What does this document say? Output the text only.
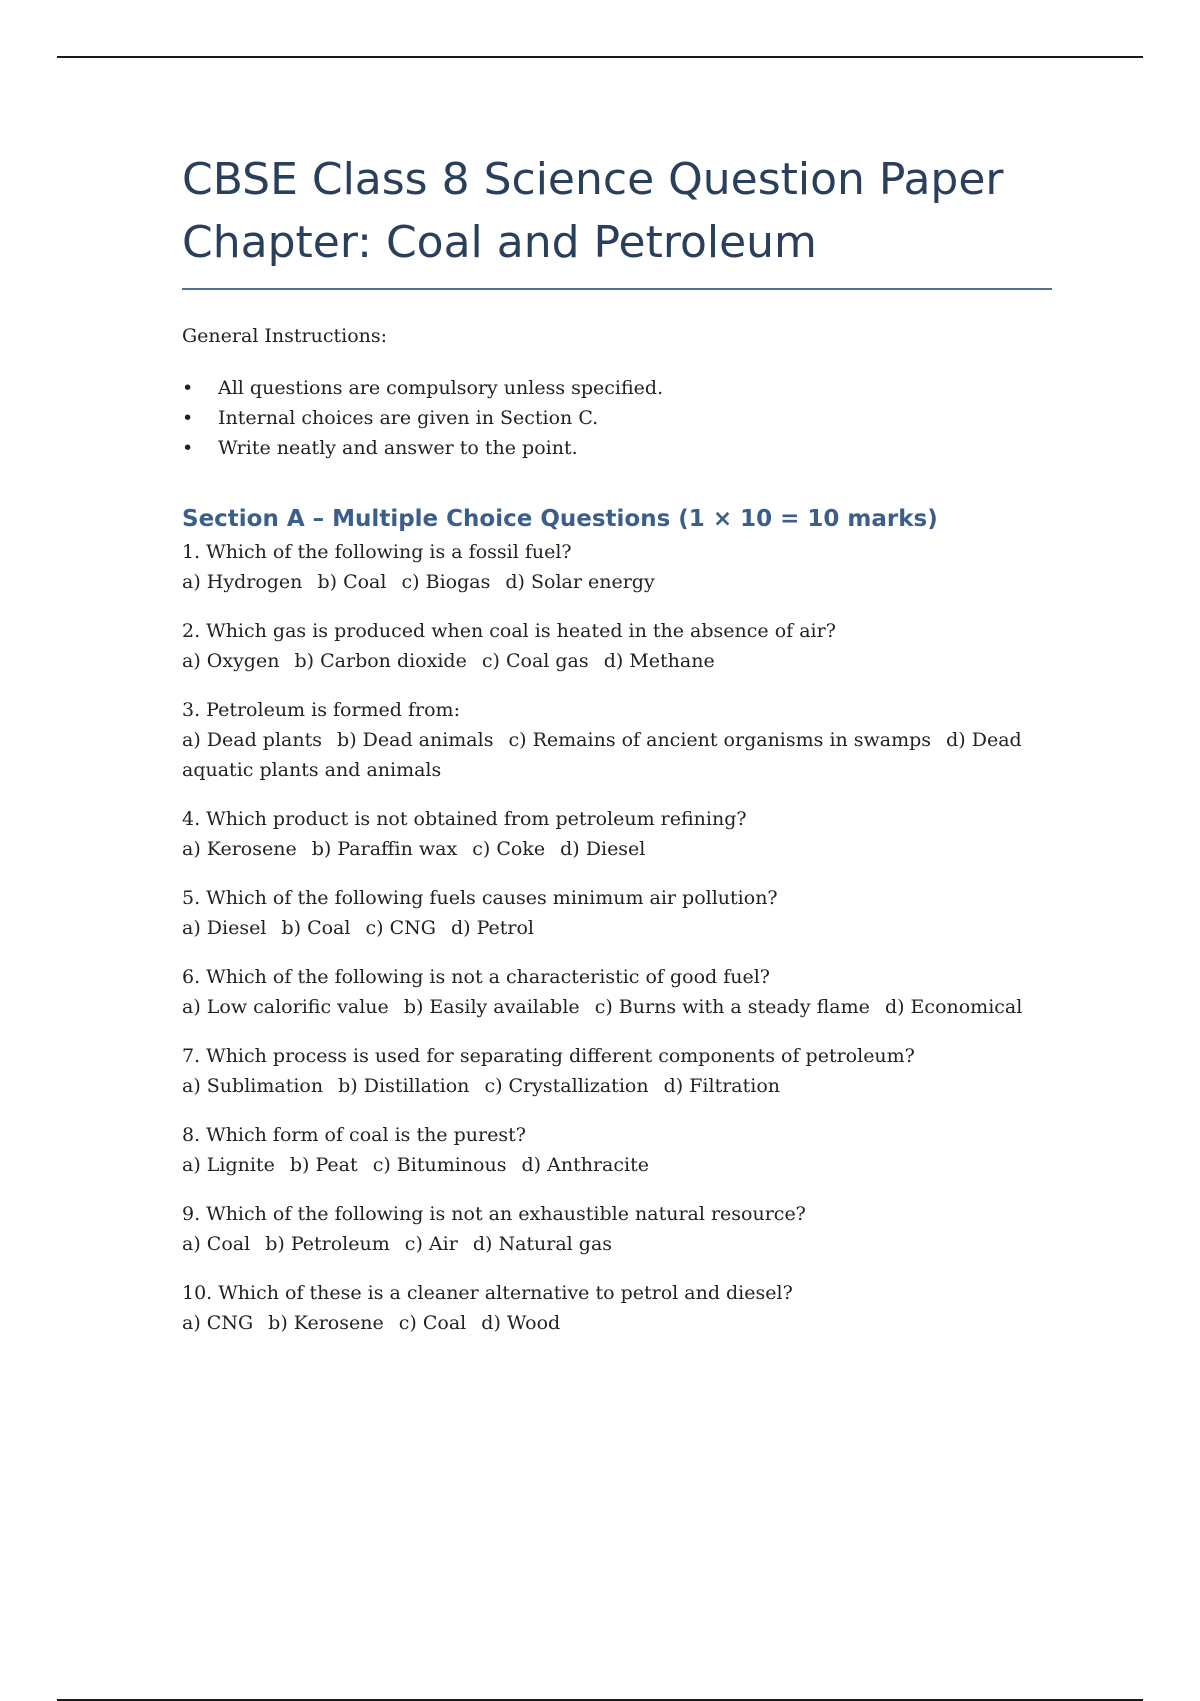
CBSE Class 8 Science Question Paper
Chapter: Coal and Petroleum

General Instructions:

• All questions are compulsory unless specified.
• Internal choices are given in Section C.
• Write neatly and answer to the point.
Section A – Multiple Choice Questions (1 × 10 = 10 marks)
1. Which of the following is a fossil fuel?
a) Hydrogen b) Coal c) Biogas d) Solar energy
2. Which gas is produced when coal is heated in the absence of air?
a) Oxygen b) Carbon dioxide c) Coal gas d) Methane
3. Petroleum is formed from:
a) Dead plants b) Dead animals c) Remains of ancient organisms in swamps d) Dead aquatic plants and animals
4. Which product is not obtained from petroleum refining?
a) Kerosene b) Paraffin wax c) Coke d) Diesel
5. Which of the following fuels causes minimum air pollution?
a) Diesel b) Coal c) CNG d) Petrol
6. Which of the following is not a characteristic of good fuel?
a) Low calorific value b) Easily available c) Burns with a steady flame d) Economical
7. Which process is used for separating different components of petroleum?
a) Sublimation b) Distillation c) Crystallization d) Filtration
8. Which form of coal is the purest?
a) Lignite b) Peat c) Bituminous d) Anthracite
9. Which of the following is not an exhaustible natural resource?
a) Coal b) Petroleum c) Air d) Natural gas
10. Which of these is a cleaner alternative to petrol and diesel?
a) CNG b) Kerosene c) Coal d) Wood
